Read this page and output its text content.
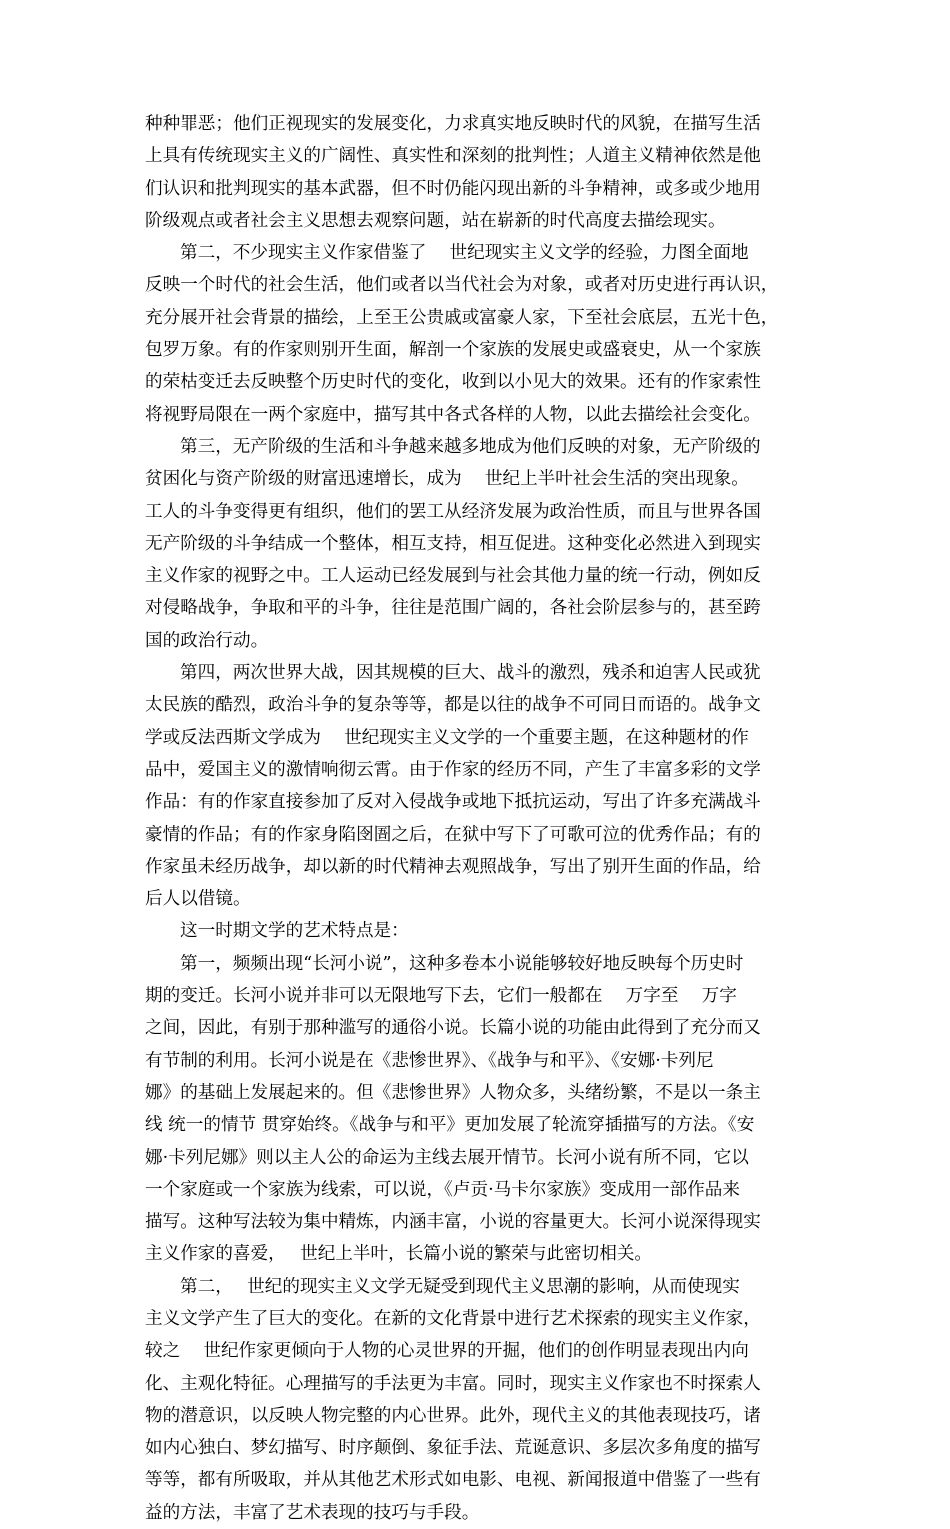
种种罪恶；他们正视现实的发展变化，力求真实地反映时代的风貌，在描写生活
上具有传统现实主义的广阔性、真实性和深刻的批判性；人道主义精神依然是他
们认识和批判现实的基本武器，但不时仍能闪现出新的斗争精神，或多或少地用
阶级观点或者社会主义思想去观察问题，站在崭新的时代高度去描绘现实。
第二，不少现实主义作家借鉴了　 世纪现实主义文学的经验，力图全面地
反映一个时代的社会生活，他们或者以当代社会为对象，或者对历史进行再认识，
充分展开社会背景的描绘，上至王公贵戚或富豪人家，下至社会底层，五光十色，
包罗万象。有的作家则别开生面，解剖一个家族的发展史或盛衰史，从一个家族
的荣枯变迁去反映整个历史时代的变化，收到以小见大的效果。还有的作家索性
将视野局限在一两个家庭中，描写其中各式各样的人物，以此去描绘社会变化。
第三，无产阶级的生活和斗争越来越多地成为他们反映的对象，无产阶级的
贫困化与资产阶级的财富迅速增长，成为　 世纪上半叶社会生活的突出现象。
工人的斗争变得更有组织，他们的罢工从经济发展为政治性质，而且与世界各国
无产阶级的斗争结成一个整体，相互支持，相互促进。这种变化必然进入到现实
主义作家的视野之中。工人运动已经发展到与社会其他力量的统一行动，例如反
对侵略战争，争取和平的斗争，往往是范围广阔的，各社会阶层参与的，甚至跨
国的政治行动。
第四，两次世界大战，因其规模的巨大、战斗的激烈，残杀和迫害人民或犹
太民族的酷烈，政治斗争的复杂等等，都是以往的战争不可同日而语的。战争文
学或反法西斯文学成为　 世纪现实主义文学的一个重要主题，在这种题材的作
品中，爱国主义的激情响彻云霄。由于作家的经历不同，产生了丰富多彩的文学
作品：有的作家直接参加了反对入侵战争或地下抵抗运动，写出了许多充满战斗
豪情的作品；有的作家身陷囹圄之后，在狱中写下了可歌可泣的优秀作品；有的
作家虽未经历战争，却以新的时代精神去观照战争，写出了别开生面的作品，给
后人以借镜。
这一时期文学的艺术特点是：
第一，频频出现“长河小说”，这种多卷本小说能够较好地反映每个历史时
期的变迁。长河小说并非可以无限地写下去，它们一般都在　 万字至　 万字
之间，因此，有别于那种滥写的通俗小说。长篇小说的功能由此得到了充分而又
有节制的利用。长河小说是在《悲惨世界》、《战争与和平》、《安娜·卡列尼
娜》的基础上发展起来的。但《悲惨世界》人物众多，头绪纷繁，不是以一条主
线 统一的情节 贯穿始终。《战争与和平》更加发展了轮流穿插描写的方法。《安
娜·卡列尼娜》则以主人公的命运为主线去展开情节。长河小说有所不同，它以
一个家庭或一个家族为线索，可以说，《卢贡·马卡尔家族》变成用一部作品来
描写。这种写法较为集中精炼，内涵丰富，小说的容量更大。长河小说深得现实
主义作家的喜爱，　 世纪上半叶，长篇小说的繁荣与此密切相关。
第二，　 世纪的现实主义文学无疑受到现代主义思潮的影响，从而使现实
主义文学产生了巨大的变化。在新的文化背景中进行艺术探索的现实主义作家，
较之　 世纪作家更倾向于人物的心灵世界的开掘，他们的创作明显表现出内向
化、主观化特征。心理描写的手法更为丰富。同时，现实主义作家也不时探索人
物的潜意识，以反映人物完整的内心世界。此外，现代主义的其他表现技巧，诸
如内心独白、梦幻描写、时序颠倒、象征手法、荒诞意识、多层次多角度的描写
等等，都有所吸取，并从其他艺术形式如电影、电视、新闻报道中借鉴了一些有
益的方法，丰富了艺术表现的技巧与手段。
